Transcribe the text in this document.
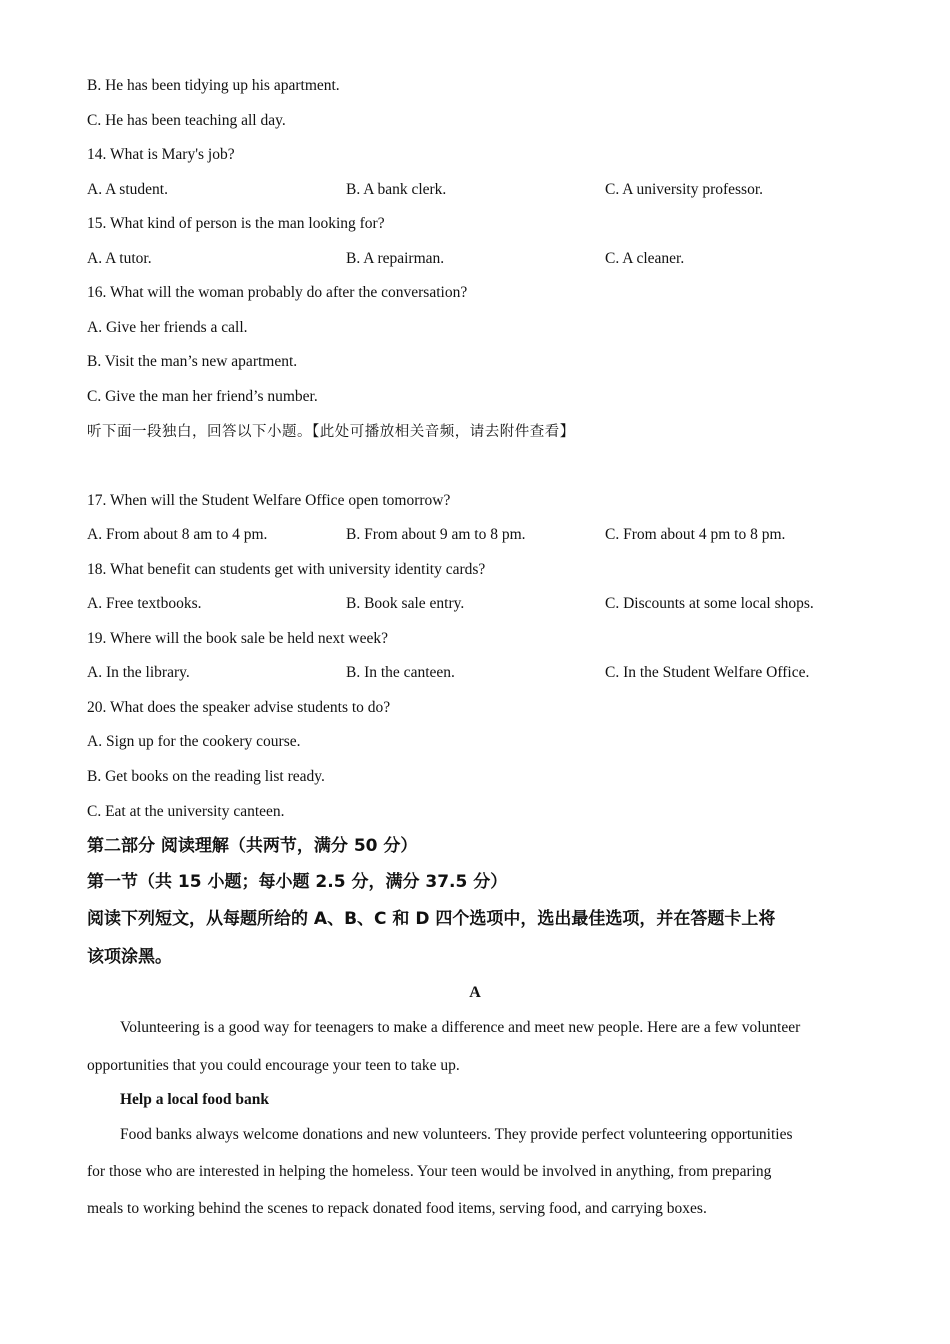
B. He has been tidying up his apartment.
C. He has been teaching all day.
14. What is Mary's job?
A. A student.	B. A bank clerk.	C. A university professor.
15. What kind of person is the man looking for?
A. A tutor.	B. A repairman.	C. A cleaner.
16. What will the woman probably do after the conversation?
A. Give her friends a call.
B. Visit the man’s new apartment.
C. Give the man her friend’s number.
听下面一段独白，回答以下小题。【此处可播放相关音频，请去附件查看】
17. When will the Student Welfare Office open tomorrow?
A. From about 8 am to 4 pm.	B. From about 9 am to 8 pm.	C. From about 4 pm to 8 pm.
18. What benefit can students get with university identity cards?
A. Free textbooks.	B. Book sale entry.	C. Discounts at some local shops.
19. Where will the book sale be held next week?
A. In the library.	B. In the canteen.	C. In the Student Welfare Office.
20. What does the speaker advise students to do?
A. Sign up for the cookery course.
B. Get books on the reading list ready.
C. Eat at the university canteen.
第二部分 阅读理解（共两节，满分 50 分）
第一节（共 15 小题；每小题 2.5 分，满分 37.5 分）
阅读下列短文，从每题所给的 A、B、C 和 D 四个选项中，选出最佳选项，并在答题卡上将
该项涂黑。
A
Volunteering is a good way for teenagers to make a difference and meet new people. Here are a few volunteer
opportunities that you could encourage your teen to take up.
Help a local food bank
Food banks always welcome donations and new volunteers. They provide perfect volunteering opportunities
for those who are interested in helping the homeless. Your teen would be involved in anything, from preparing
meals to working behind the scenes to repack donated food items, serving food, and carrying boxes.
